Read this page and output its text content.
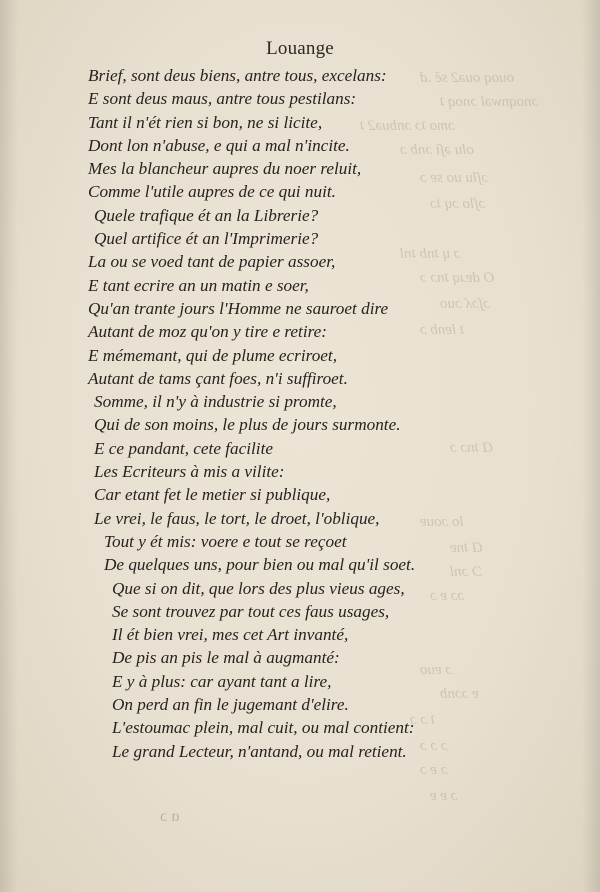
ouoq ouə2 sĕ .d
ɔnoqnwəl ɔnoq ʇ
ɔmo ʇɔ ɔnbuə2 ʇ
olu əʃi ɔnb ɔ
ɔʃlu uo sɐ ɔ
ɔʃlo ɔɥ ʇɔ
ɔ ɥ ʇnb ʇnl
O dɐɹq ʇnɔ ɔ
ɔʃɔʎ ɔuo
ʇ lɐnb ɔ
Ɑ ʇnɔ ɔ
lo ɔouɐ
Ɑ ʇnɐ
Ɔ ɔnl
ɔɔ ɐ ɔ
ɔ ɐuo
ɐ ɔɔnb
ʇ ɔ ɔ
ɔ ɔ ɔ
ɔ ɐ ɔ
ɔ ɐ ɐ
Louange
Brief, sont deus biens, antre tous, excelans:
E sont deus maus, antre tous pestilans:
Tant il n'ét rien si bon, ne si licite,
Dont lon n'abuse, e qui a mal n'incite.
Mes la blancheur aupres du noer reluit,
Comme l'utile aupres de ce qui nuit.
Quele trafique ét an la Librerie?
Quel artifice ét an l'Imprimerie?
La ou se voed tant de papier assoer,
E tant ecrire an un matin e soer,
Qu'an trante jours l'Homme ne sauroet dire
Autant de moz qu'on y tire e retire:
E mémemant, qui de plume ecriroet,
Autant de tams çant foes, n'i suffiroet.
Somme, il n'y à industrie si promte,
Qui de son moins, le plus de jours surmonte.
E ce pandant, cete facilite
Les Ecriteurs à mis a vilite:
Car etant fet le metier si publique,
Le vrei, le faus, le tort, le droet, l'oblique,
Tout y ét mis: voere e tout se reçoet
De quelques uns, pour bien ou mal qu'il soet.
Que si on dit, que lors des plus vieus ages,
Se sont trouvez par tout ces faus usages,
Il ét bien vrei, mes cet Art invanté,
De pis an pis le mal à augmanté:
E y à plus: car ayant tant a lire,
On perd an fin le jugemant d'elire.
L'estoumac plein, mal cuit, ou mal contient:
Le grand Lecteur, n'antand, ou mal retient.
ɑ ɔ
